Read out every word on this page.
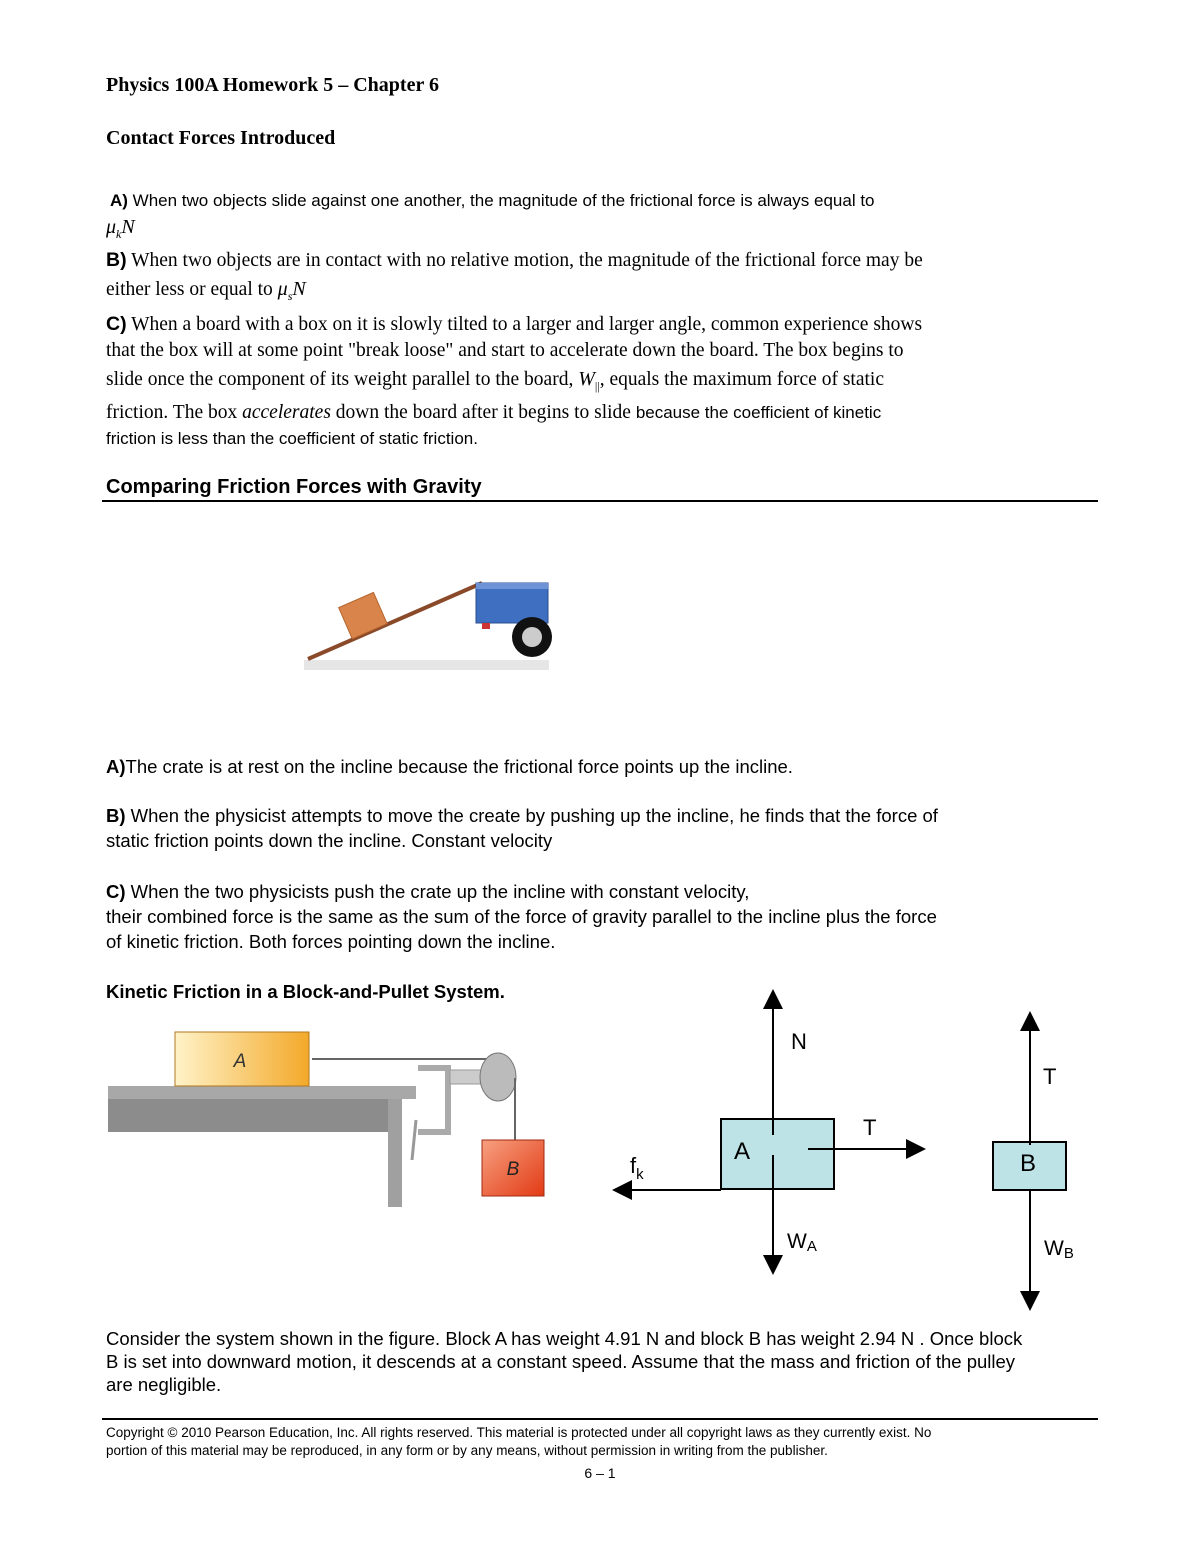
Physics 100A Homework 5 – Chapter 6
Contact Forces Introduced
A) When two objects slide against one another, the magnitude of the frictional force is always equal to
$\mu_kN$
B) When two objects are in contact with no relative motion, the magnitude of the frictional force may be
either less or equal to $\mu_sN$
C) When a board with a box on it is slowly tilted to a larger and larger angle, common experience shows
that the box will at some point "break loose" and start to accelerate down the board. The box begins to
slide once the component of its weight parallel to the board, $W_{||}$, equals the maximum force of static
friction. The box accelerates down the board after it begins to slide because the coefficient of kinetic
friction is less than the coefficient of static friction.
Comparing Friction Forces with Gravity
A)The crate is at rest on the incline because the frictional force points up the incline.
B) When the physicist attempts to move the create by pushing up the incline, he finds that the force of
static friction points down the incline. Constant velocity
C) When the two physicists push the crate up the incline with constant velocity,
their combined force is the same as the sum of the force of gravity parallel to the incline plus the force
of kinetic friction. Both forces pointing down the incline.
Kinetic Friction in a Block-and-Pullet System.
A
B
N
T
A
$f_k$
WA
T
B
WB
Consider the system shown in the figure. Block A has weight 4.91 N and block B has weight 2.94 N . Once block
B is set into downward motion, it descends at a constant speed. Assume that the mass and friction of the pulley
are negligible.
Copyright © 2010 Pearson Education, Inc. All rights reserved. This material is protected under all copyright laws as they currently exist. No
portion of this material may be reproduced, in any form or by any means, without permission in writing from the publisher.
6 – 1
